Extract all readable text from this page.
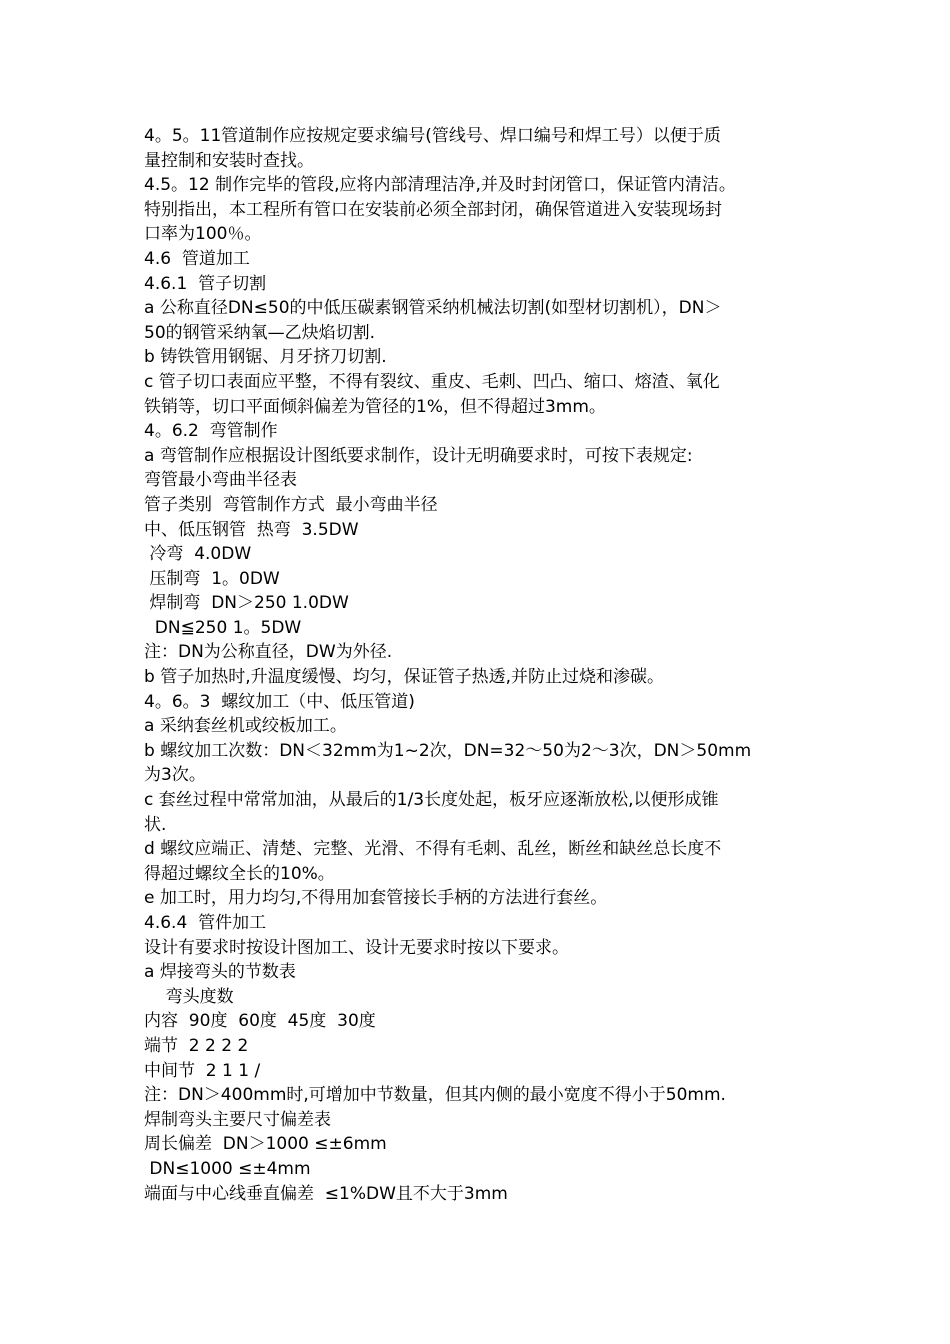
4。5。11管道制作应按规定要求编号(管线号、焊口编号和焊工号）以便于质
量控制和安装时查找。
4.5。12 制作完毕的管段,应将内部清理洁净,并及时封闭管口，保证管内清洁。
特别指出，本工程所有管口在安装前必须全部封闭，确保管道进入安装现场封
口率为100％。
4.6  管道加工
4.6.1  管子切割
a 公称直径DN≤50的中低压碳素钢管采纳机械法切割(如型材切割机），DN＞
50的钢管采纳氧—乙炔焰切割.
b 铸铁管用钢锯、月牙挤刀切割.
c 管子切口表面应平整，不得有裂纹、重皮、毛刺、凹凸、缩口、熔渣、氧化
铁销等，切口平面倾斜偏差为管径的1%，但不得超过3mm。
4。6.2  弯管制作
a 弯管制作应根据设计图纸要求制作，设计无明确要求时，可按下表规定:
弯管最小弯曲半径表
管子类别  弯管制作方式  最小弯曲半径
中、低压钢管  热弯  3.5DW
冷弯  4.0DW
压制弯  1。0DW
焊制弯  DN＞250 1.0DW
DN≦250 1。5DW
注：DN为公称直径，DW为外径.
b 管子加热时,升温度缓慢、均匀，保证管子热透,并防止过烧和渗碳。
4。6。3  螺纹加工（中、低压管道)
a 采纳套丝机或绞板加工。
b 螺纹加工次数：DN＜32mm为1~2次，DN=32～50为2～3次，DN＞50mm
为3次。
c 套丝过程中常常加油，从最后的1/3长度处起，板牙应逐渐放松,以便形成锥
状.
d 螺纹应端正、清楚、完整、光滑、不得有毛刺、乱丝，断丝和缺丝总长度不
得超过螺纹全长的10%。
e 加工时，用力均匀,不得用加套管接长手柄的方法进行套丝。
4.6.4  管件加工
设计有要求时按设计图加工、设计无要求时按以下要求。
a 焊接弯头的节数表
弯头度数
内容  90度  60度  45度  30度
端节  2 2 2 2
中间节  2 1 1 /
注：DN＞400mm时,可增加中节数量，但其内侧的最小宽度不得小于50mm.
焊制弯头主要尺寸偏差表
周长偏差  DN＞1000 ≤±6mm
DN≤1000 ≤±4mm
端面与中心线垂直偏差  ≤1%DW且不大于3mm
